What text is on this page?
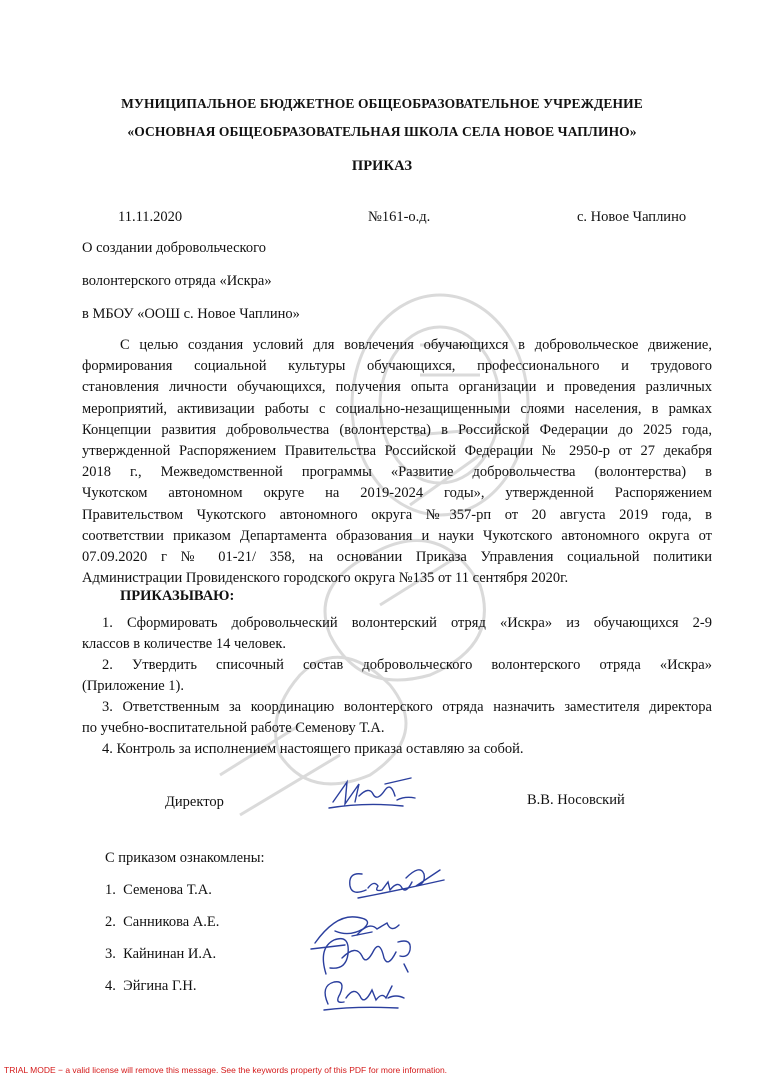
МУНИЦИПАЛЬНОЕ БЮДЖЕТНОЕ ОБЩЕОБРАЗОВАТЕЛЬНОЕ УЧРЕЖДЕНИЕ
«ОСНОВНАЯ ОБЩЕОБРАЗОВАТЕЛЬНАЯ ШКОЛА СЕЛА НОВОЕ ЧАПЛИНО»
ПРИКАЗ
11.11.2020	№161-о.д.	с. Новое Чаплино
О создании добровольческого
волонтерского отряда «Искра»
в МБОУ «ООШ с. Новое Чаплино»
С целью создания условий для вовлечения обучающихся в добровольческое движение,
формирования социальной культуры обучающихся, профессионального и трудового
становления личности обучающихся, получения опыта организации и проведения различных
мероприятий, активизации работы с социально-незащищенными слоями населения, в рамках
Концепции развития добровольчества (волонтерства) в Российской Федерации до 2025 года,
утвержденной Распоряжением Правительства Российской Федерации № 2950-р от 27 декабря
2018 г., Межведомственной программы «Развитие добровольчества (волонтерства) в
Чукотском автономном округе на 2019-2024 годы», утвержденной Распоряжением
Правительством Чукотского автономного округа №357-рп от 20 августа 2019 года, в
соответствии приказом Департамента образования и науки Чукотского автономного округа от
07.09.2020 г № 01-21/ 358, на основании Приказа Управления социальной политики
Администрации Провиденского городского округа №135 от 11 сентября 2020г.
ПРИКАЗЫВАЮ:
1. Сформировать добровольческий волонтерский отряд «Искра» из обучающихся 2-9
классов в количестве 14 человек.
2. Утвердить списочный состав добровольческого волонтерского отряда «Искра»
(Приложение 1).
3. Ответственным за координацию волонтерского отряда назначить заместителя директора
по учебно-воспитательной работе Семенову Т.А.
4. Контроль за исполнением настоящего приказа оставляю за собой.
Директор	В.В. Носовский
С приказом ознакомлены:
1. Семенова Т.А.
2. Санникова А.Е.
3. Кайнинан И.А.
4. Эйгина Г.Н.
TRIAL MODE − a valid license will remove this message. See the keywords property of this PDF for more information.
